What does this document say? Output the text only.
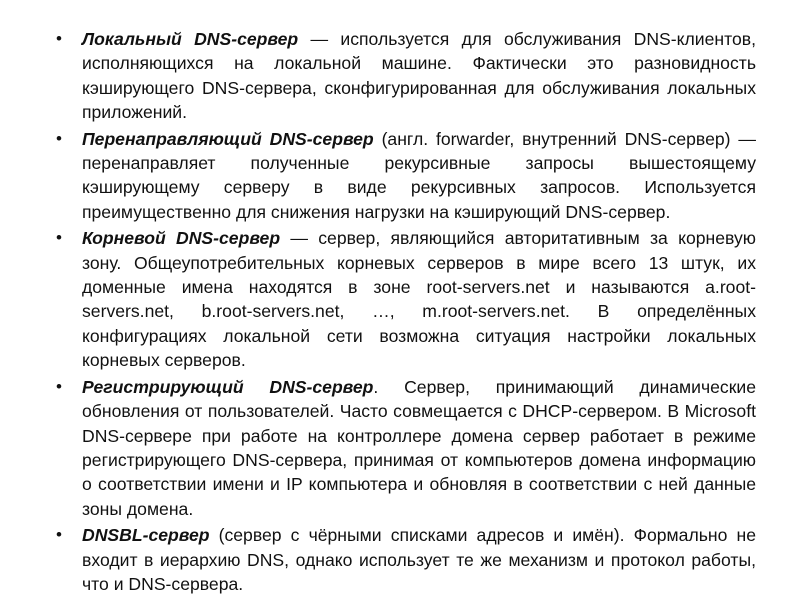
•	Локальный DNS-сервер — используется для обслуживания DNS-клиентов, исполняющихся на локальной машине. Фактически это разновидность кэширующего DNS-сервера, сконфигурированная для обслуживания локальных приложений.
•	Перенаправляющий DNS-сервер (англ. forwarder, внутренний DNS-сервер) — перенаправляет полученные рекурсивные запросы вышестоящему кэширующему серверу в виде рекурсивных запросов. Используется преимущественно для снижения нагрузки на кэширующий DNS-сервер.
•	Корневой DNS-сервер — сервер, являющийся авторитативным за корневую зону. Общеупотребительных корневых серверов в мире всего 13 штук, их доменные имена находятся в зоне root-servers.net и называются a.root-servers.net, b.root-servers.net, …, m.root-servers.net. В определённых конфигурациях локальной сети возможна ситуация настройки локальных корневых серверов.
•	Регистрирующий DNS-сервер. Сервер, принимающий динамические обновления от пользователей. Часто совмещается с DHCP-сервером. В Microsoft DNS-сервере при работе на контроллере домена сервер работает в режиме регистрирующего DNS-сервера, принимая от компьютеров домена информацию о соответствии имени и IP компьютера и обновляя в соответствии с ней данные зоны домена.
•	DNSBL-сервер (сервер с чёрными списками адресов и имён). Формально не входит в иерархию DNS, однако использует те же механизм и протокол работы, что и DNS-сервера.
